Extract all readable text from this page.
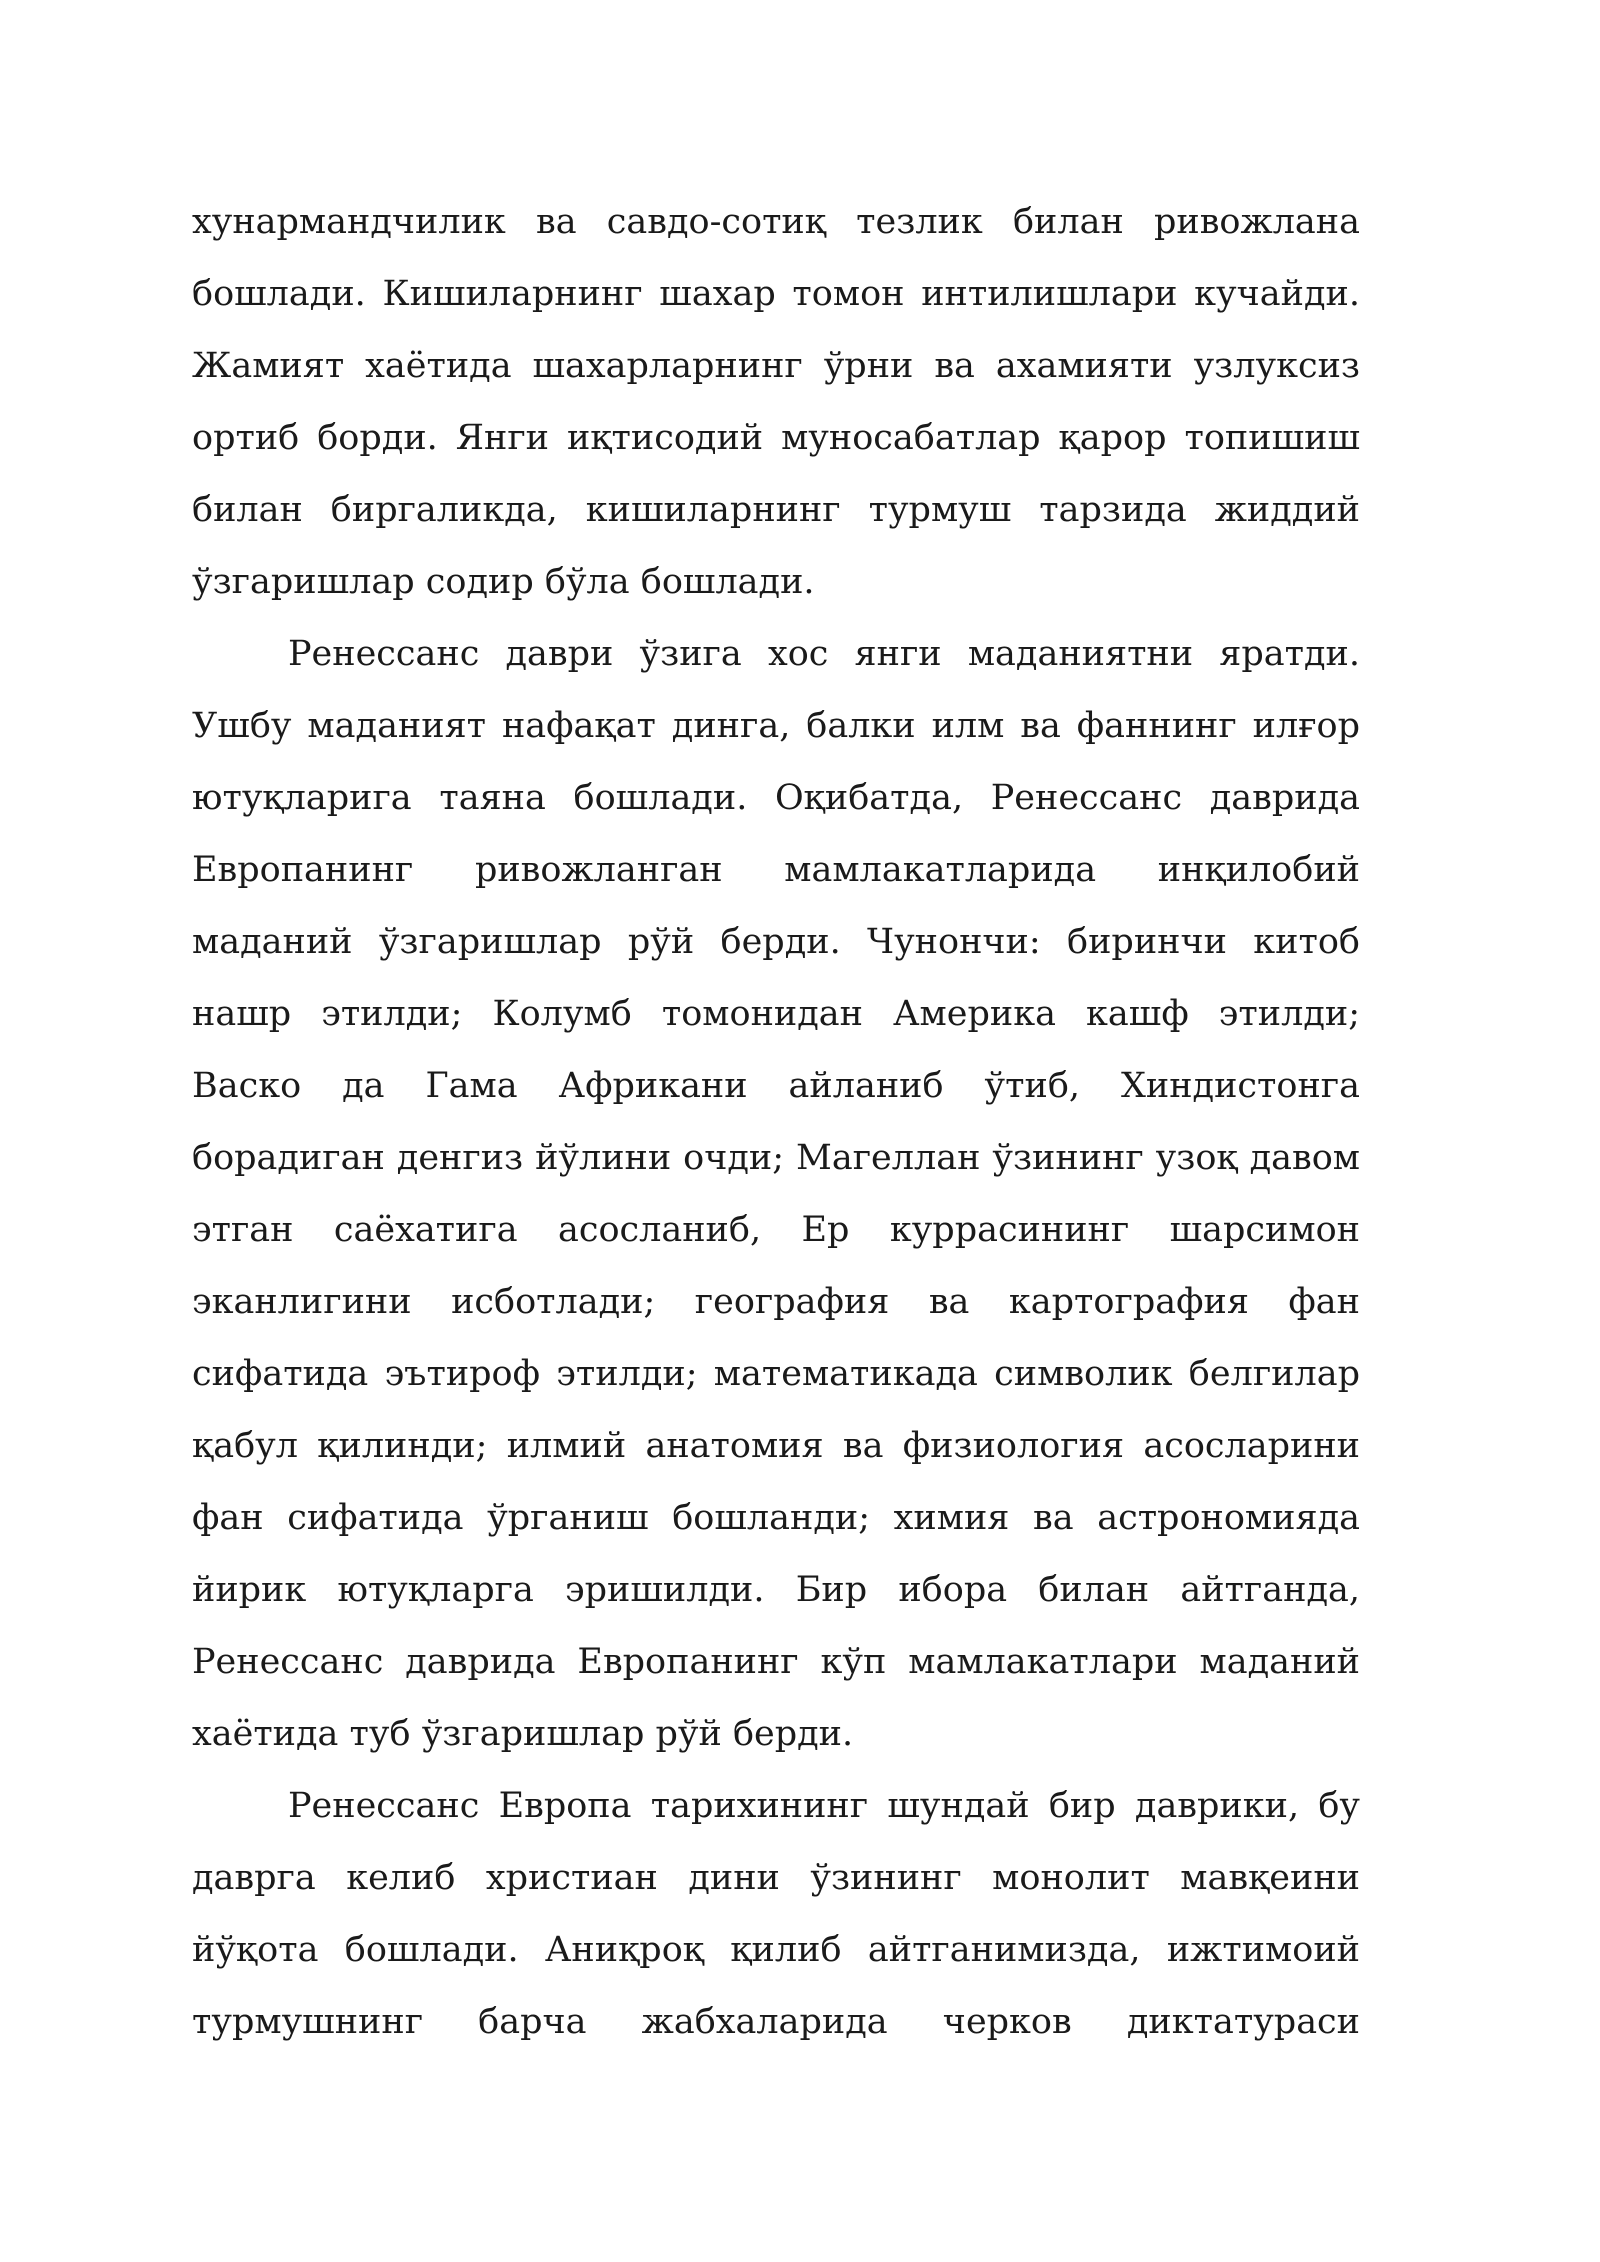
хунармандчилик ва савдо-сотиқ тезлик билан ривожлана бошлади. Кишиларнинг шахар томон интилишлари кучайди. Жамият хаётида шахарларнинг ўрни ва ахамияти узлуксиз ортиб борди. Янги иқтисодий муносабатлар қарор топишиш билан биргаликда, кишиларнинг турмуш тарзида жиддий ўзгаришлар содир бўла бошлади.

Ренессанс даври ўзига хос янги маданиятни яратди. Ушбу маданият нафақат динга, балки илм ва фаннинг илғор ютуқларига таяна бошлади. Оқибатда, Ренессанс даврида Европанинг ривожланган мамлакатларида инқилобий маданий ўзгаришлар рўй берди. Чунончи: биринчи китоб нашр этилди; Колумб томонидан Америка кашф этилди; Васко да Гама Африкани айланиб ўтиб, Хиндистонга борадиган денгиз йўлини очди; Магеллан ўзининг узоқ давом этган саёхатига асосланиб, Ер куррасининг шарсимон эканлигини исботлади; география ва картография фан сифатида эътироф этилди; математикада символик белгилар қабул қилинди; илмий анатомия ва физиология асосларини фан сифатида ўрганиш бошланди; химия ва астрономияда йирик ютуқларга эришилди. Бир ибора билан айтганда, Ренессанс даврида Европанинг кўп мамлакатлари маданий хаётида туб ўзгаришлар рўй берди.

Ренессанс Европа тарихининг шундай бир даврики, бу даврга келиб христиан дини ўзининг монолит мавқеини йўқота бошлади. Аниқроқ қилиб айтганимизда, ижтимоий турмушнинг барча жабхаларида черков диктатураси
